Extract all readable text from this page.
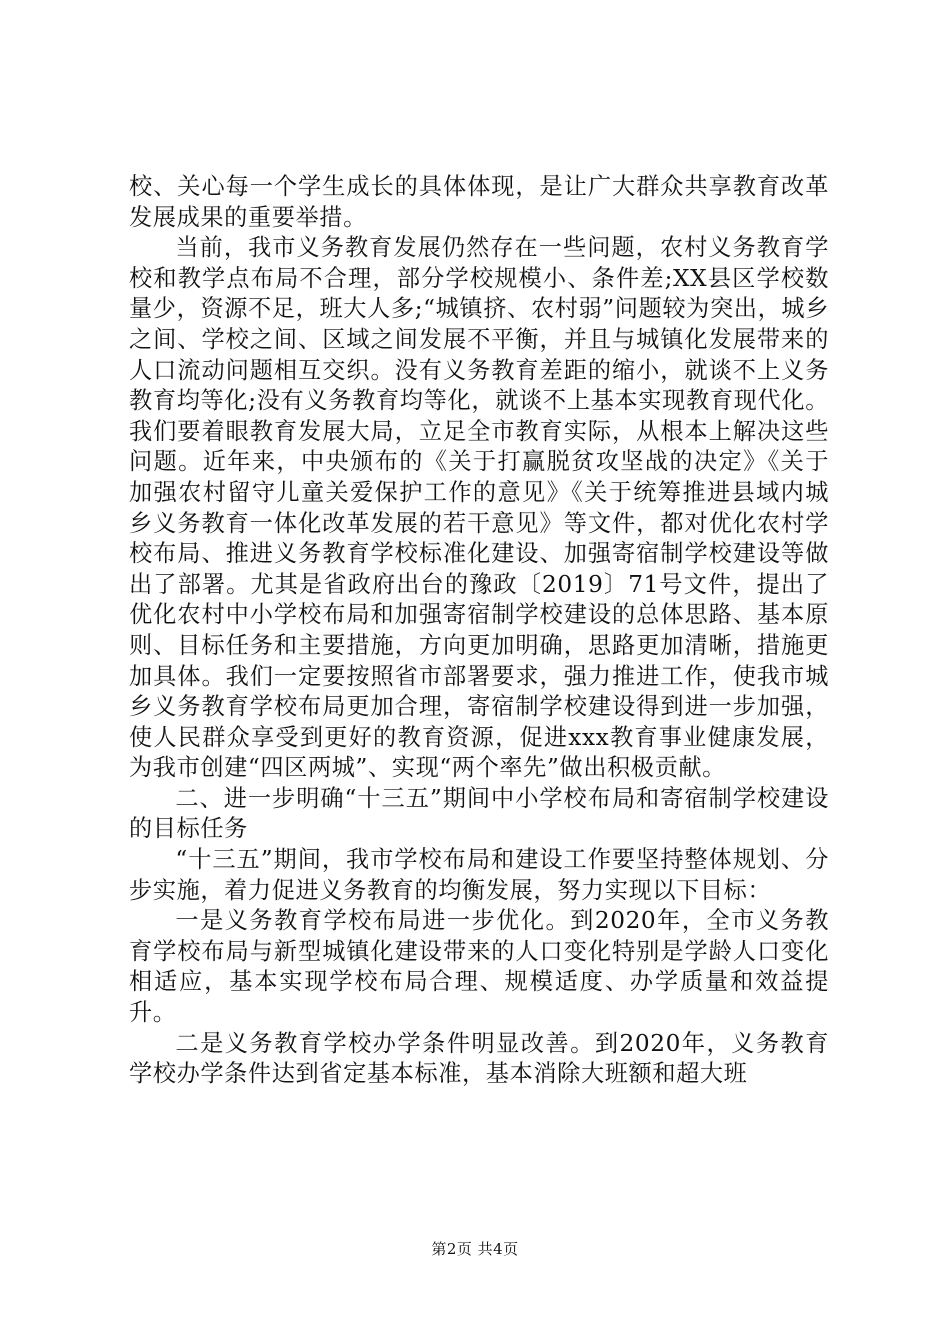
校、关心每一个学生成长的具体体现，是让广大群众共享教育改革发展成果的重要举措。

当前，我市义务教育发展仍然存在一些问题，农村义务教育学校和教学点布局不合理，部分学校规模小、条件差;XX县区学校数量少，资源不足，班大人多;“城镇挤、农村弱”问题较为突出，城乡之间、学校之间、区域之间发展不平衡，并且与城镇化发展带来的人口流动问题相互交织。没有义务教育差距的缩小，就谈不上义务教育均等化;没有义务教育均等化，就谈不上基本实现教育现代化。我们要着眼教育发展大局，立足全市教育实际，从根本上解决这些问题。近年来，中央颁布的《关于打赢脱贫攻坚战的决定》《关于加强农村留守儿童关爱保护工作的意见》《关于统筹推进县域内城乡义务教育一体化改革发展的若干意见》等文件，都对优化农村学校布局、推进义务教育学校标准化建设、加强寄宿制学校建设等做出了部署。尤其是省政府出台的豫政〔2019〕71号文件，提出了优化农村中小学校布局和加强寄宿制学校建设的总体思路、基本原则、目标任务和主要措施，方向更加明确，思路更加清晰，措施更加具体。我们一定要按照省市部署要求，强力推进工作，使我市城乡义务教育学校布局更加合理，寄宿制学校建设得到进一步加强，使人民群众享受到更好的教育资源，促进xxx教育事业健康发展，为我市创建“四区两城”、实现“两个率先”做出积极贡献。

二、进一步明确“十三五”期间中小学校布局和寄宿制学校建设的目标任务

“十三五”期间，我市学校布局和建设工作要坚持整体规划、分步实施，着力促进义务教育的均衡发展，努力实现以下目标：

一是义务教育学校布局进一步优化。到2020年，全市义务教育学校布局与新型城镇化建设带来的人口变化特别是学龄人口变化相适应，基本实现学校布局合理、规模适度、办学质量和效益提升。

二是义务教育学校办学条件明显改善。到2020年，义务教育学校办学条件达到省定基本标准，基本消除大班额和超大班

第2页 共4页
